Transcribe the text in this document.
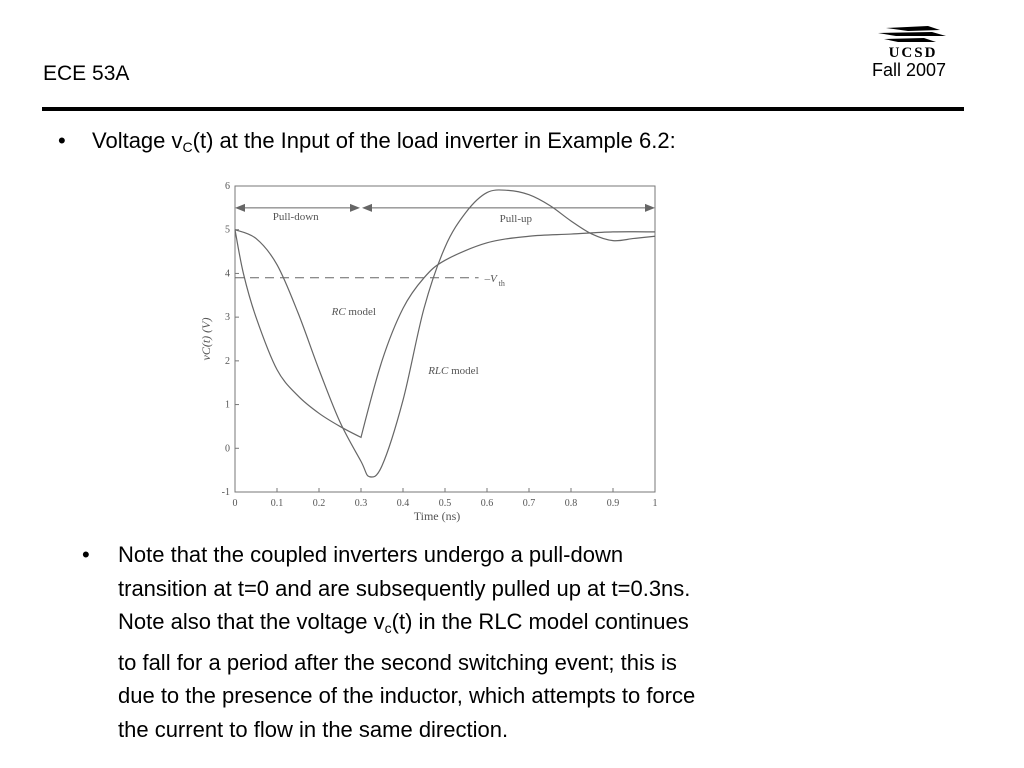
ECE 53A
UCSD
Fall 2007
• Voltage $v_C(t)$ at the Input of the load inverter in Example 6.2:
0	0.1	0.2	0.3	0.4	0.5	0.6	0.7	0.8	0.9	1
-1
0
1
2
3
4
5
6
Time (ns)
vC(t) (V)
–V th
Pull-down	Pull-up
RC model
RLC model
• Note that the coupled inverters undergo a pull-down
transition at t=0 and are subsequently pulled up at t=0.3ns.
Note also that the voltage $v_c(t)$ in the RLC model continues
to fall for a period after the second switching event; this is
due to the presence of the inductor, which attempts to force
the current to flow in the same direction.
